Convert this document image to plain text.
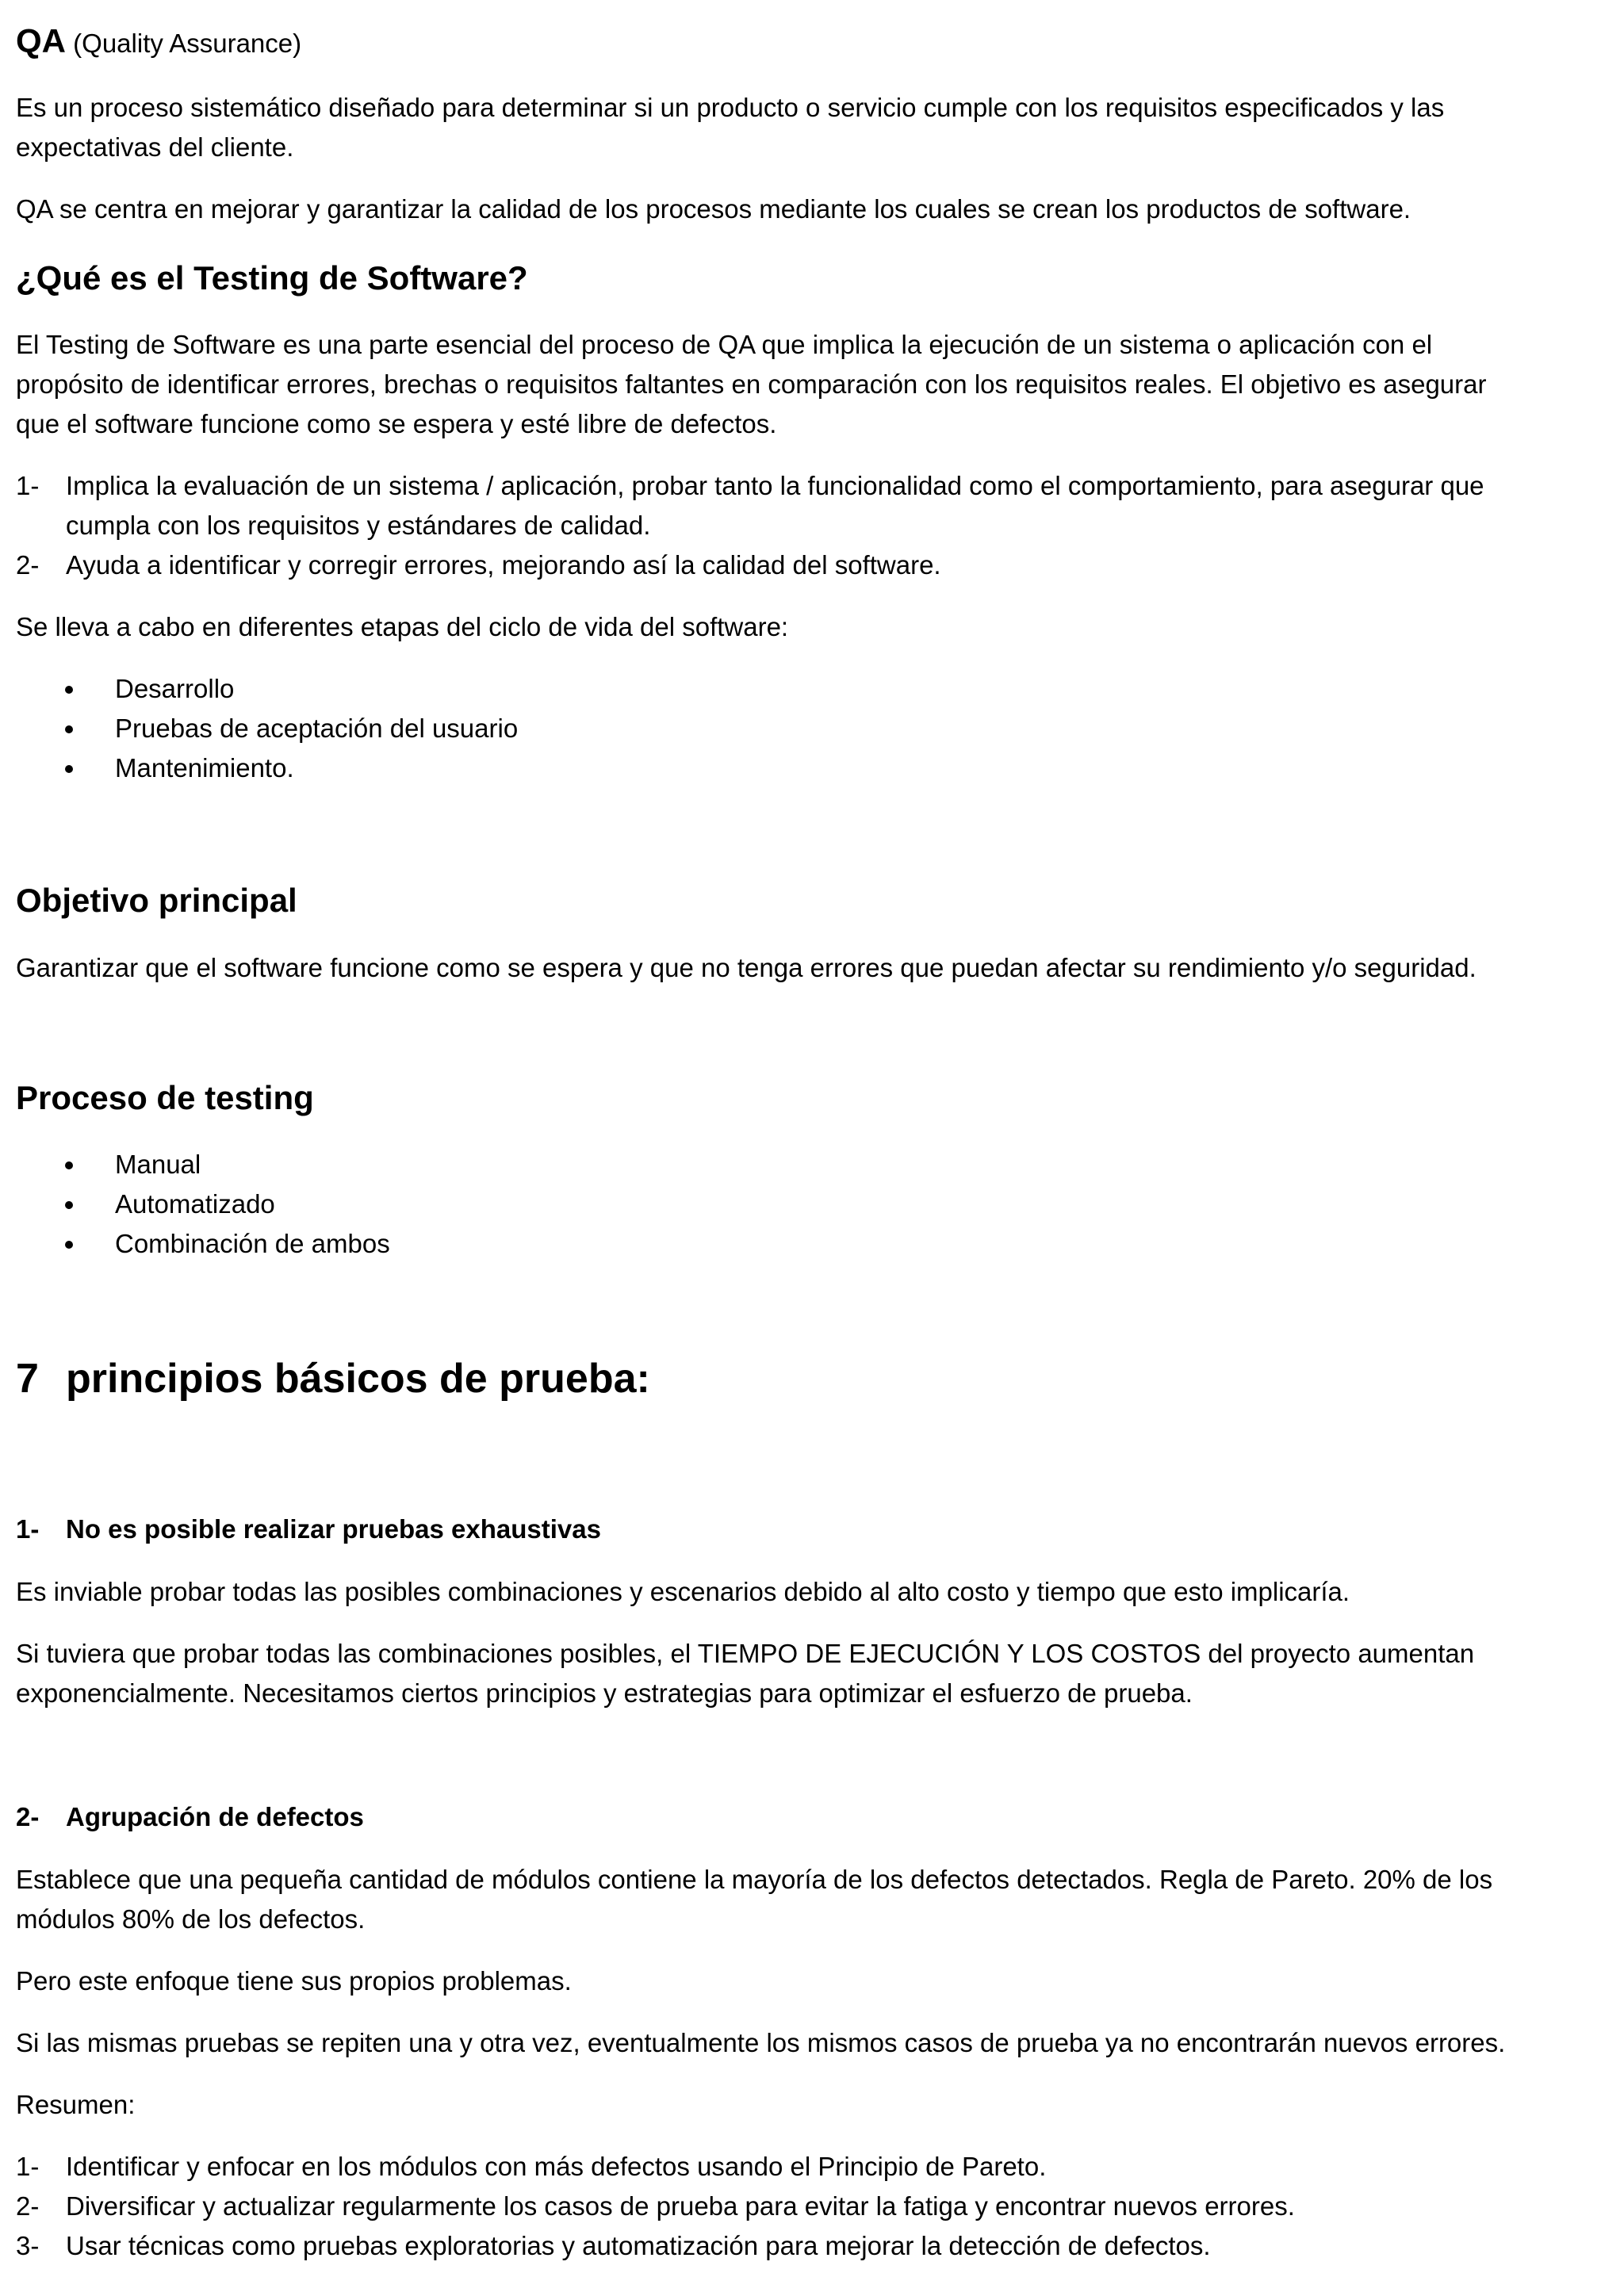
QA (Quality Assurance)

Es un proceso sistemático diseñado para determinar si un producto o servicio cumple con los requisitos especificados y las

expectativas del cliente.

QA se centra en mejorar y garantizar la calidad de los procesos mediante los cuales se crean los productos de software.

¿Qué es el Testing de Software?

El Testing de Software es una parte esencial del proceso de QA que implica la ejecución de un sistema o aplicación con el

propósito de identificar errores, brechas o requisitos faltantes en comparación con los requisitos reales. El objetivo es asegurar

que el software funcione como se espera y esté libre de defectos.

1- Implica la evaluación de un sistema / aplicación, probar tanto la funcionalidad como el comportamiento, para asegurar que
cumpla con los requisitos y estándares de calidad.
2- Ayuda a identificar y corregir errores, mejorando así la calidad del software.

Se lleva a cabo en diferentes etapas del ciclo de vida del software:

Desarrollo
Pruebas de aceptación del usuario
Mantenimiento.
Objetivo principal

Garantizar que el software funcione como se espera y que no tenga errores que puedan afectar su rendimiento y/o seguridad.

Proceso de testing
Manual
Automatizado
Combinación de ambos
7 principios básicos de prueba:
1- No es posible realizar pruebas exhaustivas

Es inviable probar todas las posibles combinaciones y escenarios debido al alto costo y tiempo que esto implicaría.

Si tuviera que probar todas las combinaciones posibles, el TIEMPO DE EJECUCIÓN Y LOS COSTOS del proyecto aumentan

exponencialmente. Necesitamos ciertos principios y estrategias para optimizar el esfuerzo de prueba.

2- Agrupación de defectos

Establece que una pequeña cantidad de módulos contiene la mayoría de los defectos detectados. Regla de Pareto. 20% de los

módulos 80% de los defectos.

Pero este enfoque tiene sus propios problemas.

Si las mismas pruebas se repiten una y otra vez, eventualmente los mismos casos de prueba ya no encontrarán nuevos errores.

Resumen:

1- Identificar y enfocar en los módulos con más defectos usando el Principio de Pareto.
2- Diversificar y actualizar regularmente los casos de prueba para evitar la fatiga y encontrar nuevos errores.
3- Usar técnicas como pruebas exploratorias y automatización para mejorar la detección de defectos.
